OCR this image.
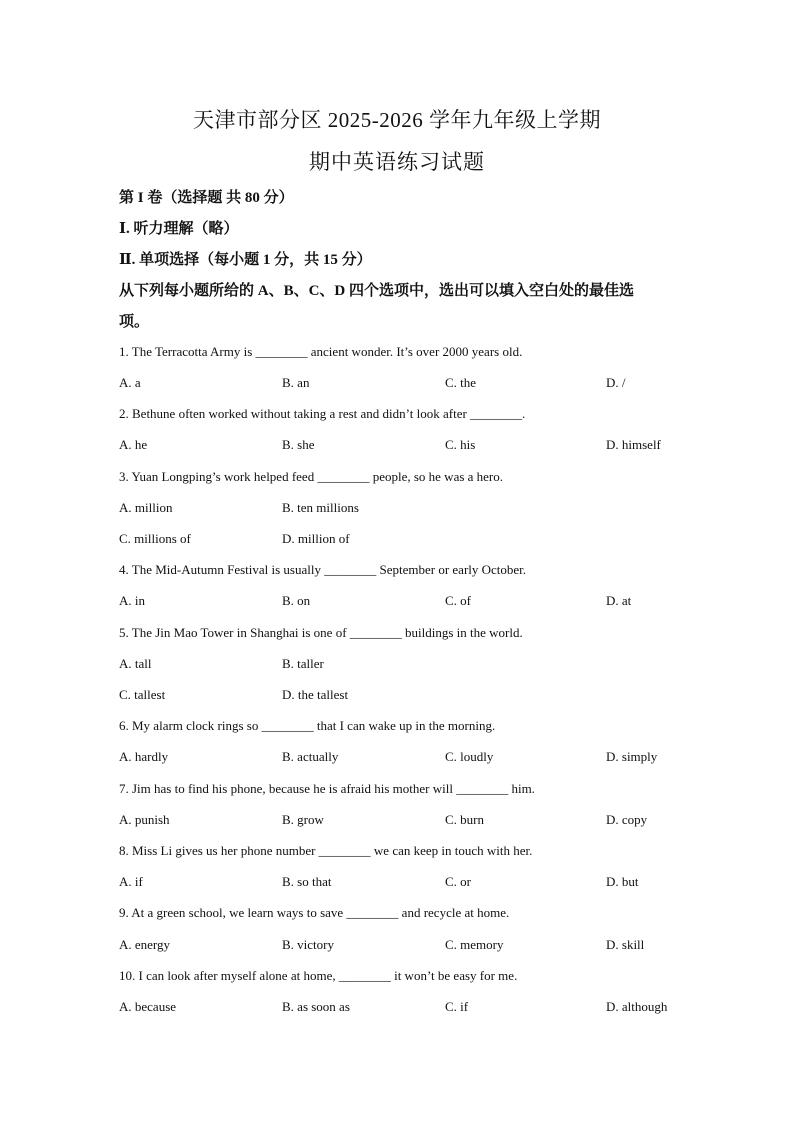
天津市部分区 2025-2026 学年九年级上学期
期中英语练习试题
第 I 卷（选择题 共 80 分）
Ⅰ. 听力理解（略）
Ⅱ. 单项选择（每小题 1 分，共 15 分）
从下列每小题所给的 A、B、C、D 四个选项中，选出可以填入空白处的最佳选
项。
1. The Terracotta Army is ________ ancient wonder. It’s over 2000 years old.
A. a	B. an	C. the	D. /
2. Bethune often worked without taking a rest and didn’t look after ________.
A. he	B. she	C. his	D. himself
3. Yuan Longping’s work helped feed ________ people, so he was a hero.
A. million	B. ten millions
C. millions of	D. million of
4. The Mid-Autumn Festival is usually ________ September or early October.
A. in	B. on	C. of	D. at
5. The Jin Mao Tower in Shanghai is one of ________ buildings in the world.
A. tall	B. taller
C. tallest	D. the tallest
6. My alarm clock rings so ________ that I can wake up in the morning.
A. hardly	B. actually	C. loudly	D. simply
7. Jim has to find his phone, because he is afraid his mother will ________ him.
A. punish	B. grow	C. burn	D. copy
8. Miss Li gives us her phone number ________ we can keep in touch with her.
A. if	B. so that	C. or	D. but
9. At a green school, we learn ways to save ________ and recycle at home.
A. energy	B. victory	C. memory	D. skill
10. I can look after myself alone at home, ________ it won’t be easy for me.
A. because	B. as soon as	C. if	D. although
